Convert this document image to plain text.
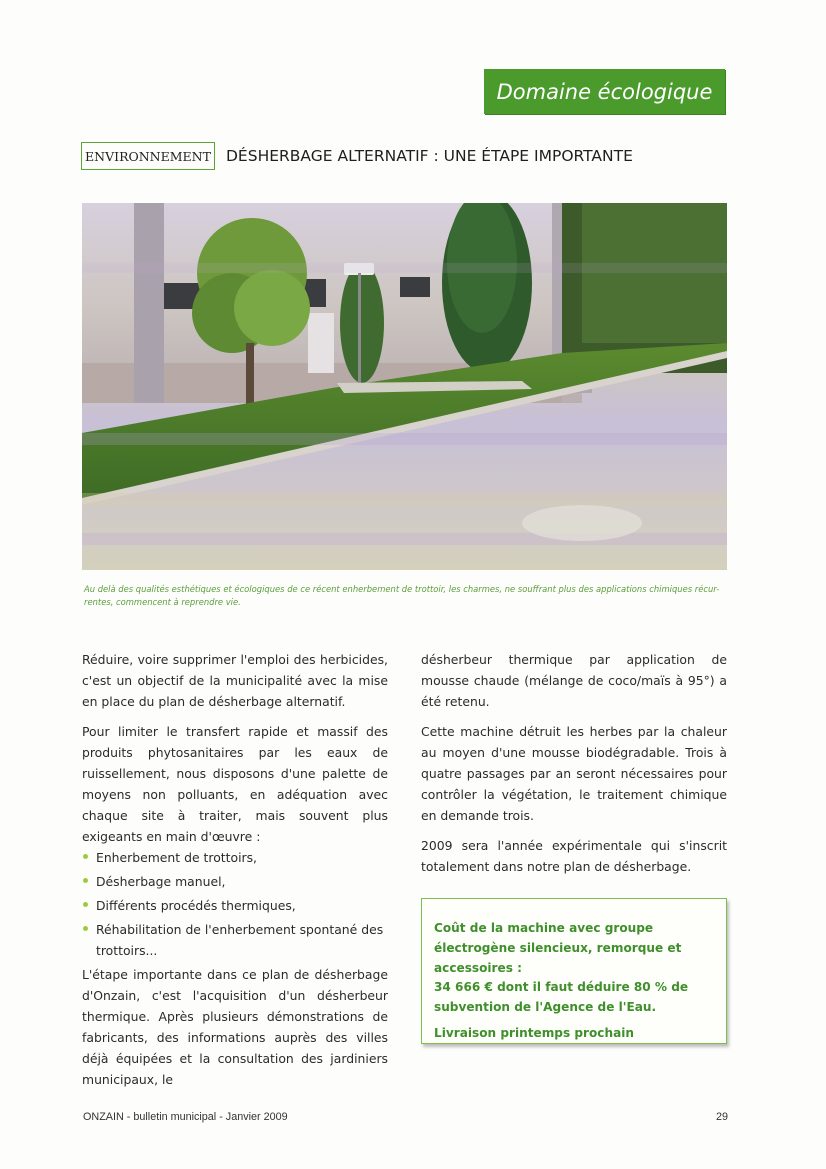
Domaine écologique
ENVIRONNEMENT DÉSHERBAGE ALTERNATIF : UNE ÉTAPE IMPORTANTE
Au delà des qualités esthétiques et écologiques de ce récent enherbement de trottoir, les charmes, ne souffrant plus des applications chimiques récur-
rentes, commencent à reprendre vie.

Réduire, voire supprimer l'emploi des herbicides, c'est un objectif de la municipalité avec la mise en place du plan de désherbage alternatif.

Pour limiter le transfert rapide et massif des produits phytosanitaires par les eaux de ruissellement, nous disposons d'une palette de moyens non polluants, en adéquation avec chaque site à traiter, mais souvent plus exigeants en main d'œuvre :

Enherbement de trottoirs,
Désherbage manuel,
Différents procédés thermiques,
Réhabilitation de l'enherbement spontané des trottoirs...

L'étape importante dans ce plan de désherbage d'Onzain, c'est l'acquisition d'un désherbeur thermique. Après plusieurs démonstrations de fabricants, des informations auprès des villes déjà équipées et la consultation des jardiniers municipaux, le

désherbeur thermique par application de mousse chaude (mélange de coco/maïs à 95°) a été retenu.

Cette machine détruit les herbes par la chaleur au moyen d'une mousse biodégradable. Trois à quatre passages par an seront nécessaires pour contrôler la végétation, le traitement chimique en demande trois.

2009 sera l'année expérimentale qui s'inscrit totalement dans notre plan de désherbage.

Coût de la machine avec groupe électrogène silencieux, remorque et accessoires :

34 666 € dont il faut déduire 80 % de subvention de l'Agence de l'Eau.

Livraison printemps prochain

ONZAIN - bulletin municipal - Janvier 2009	29
